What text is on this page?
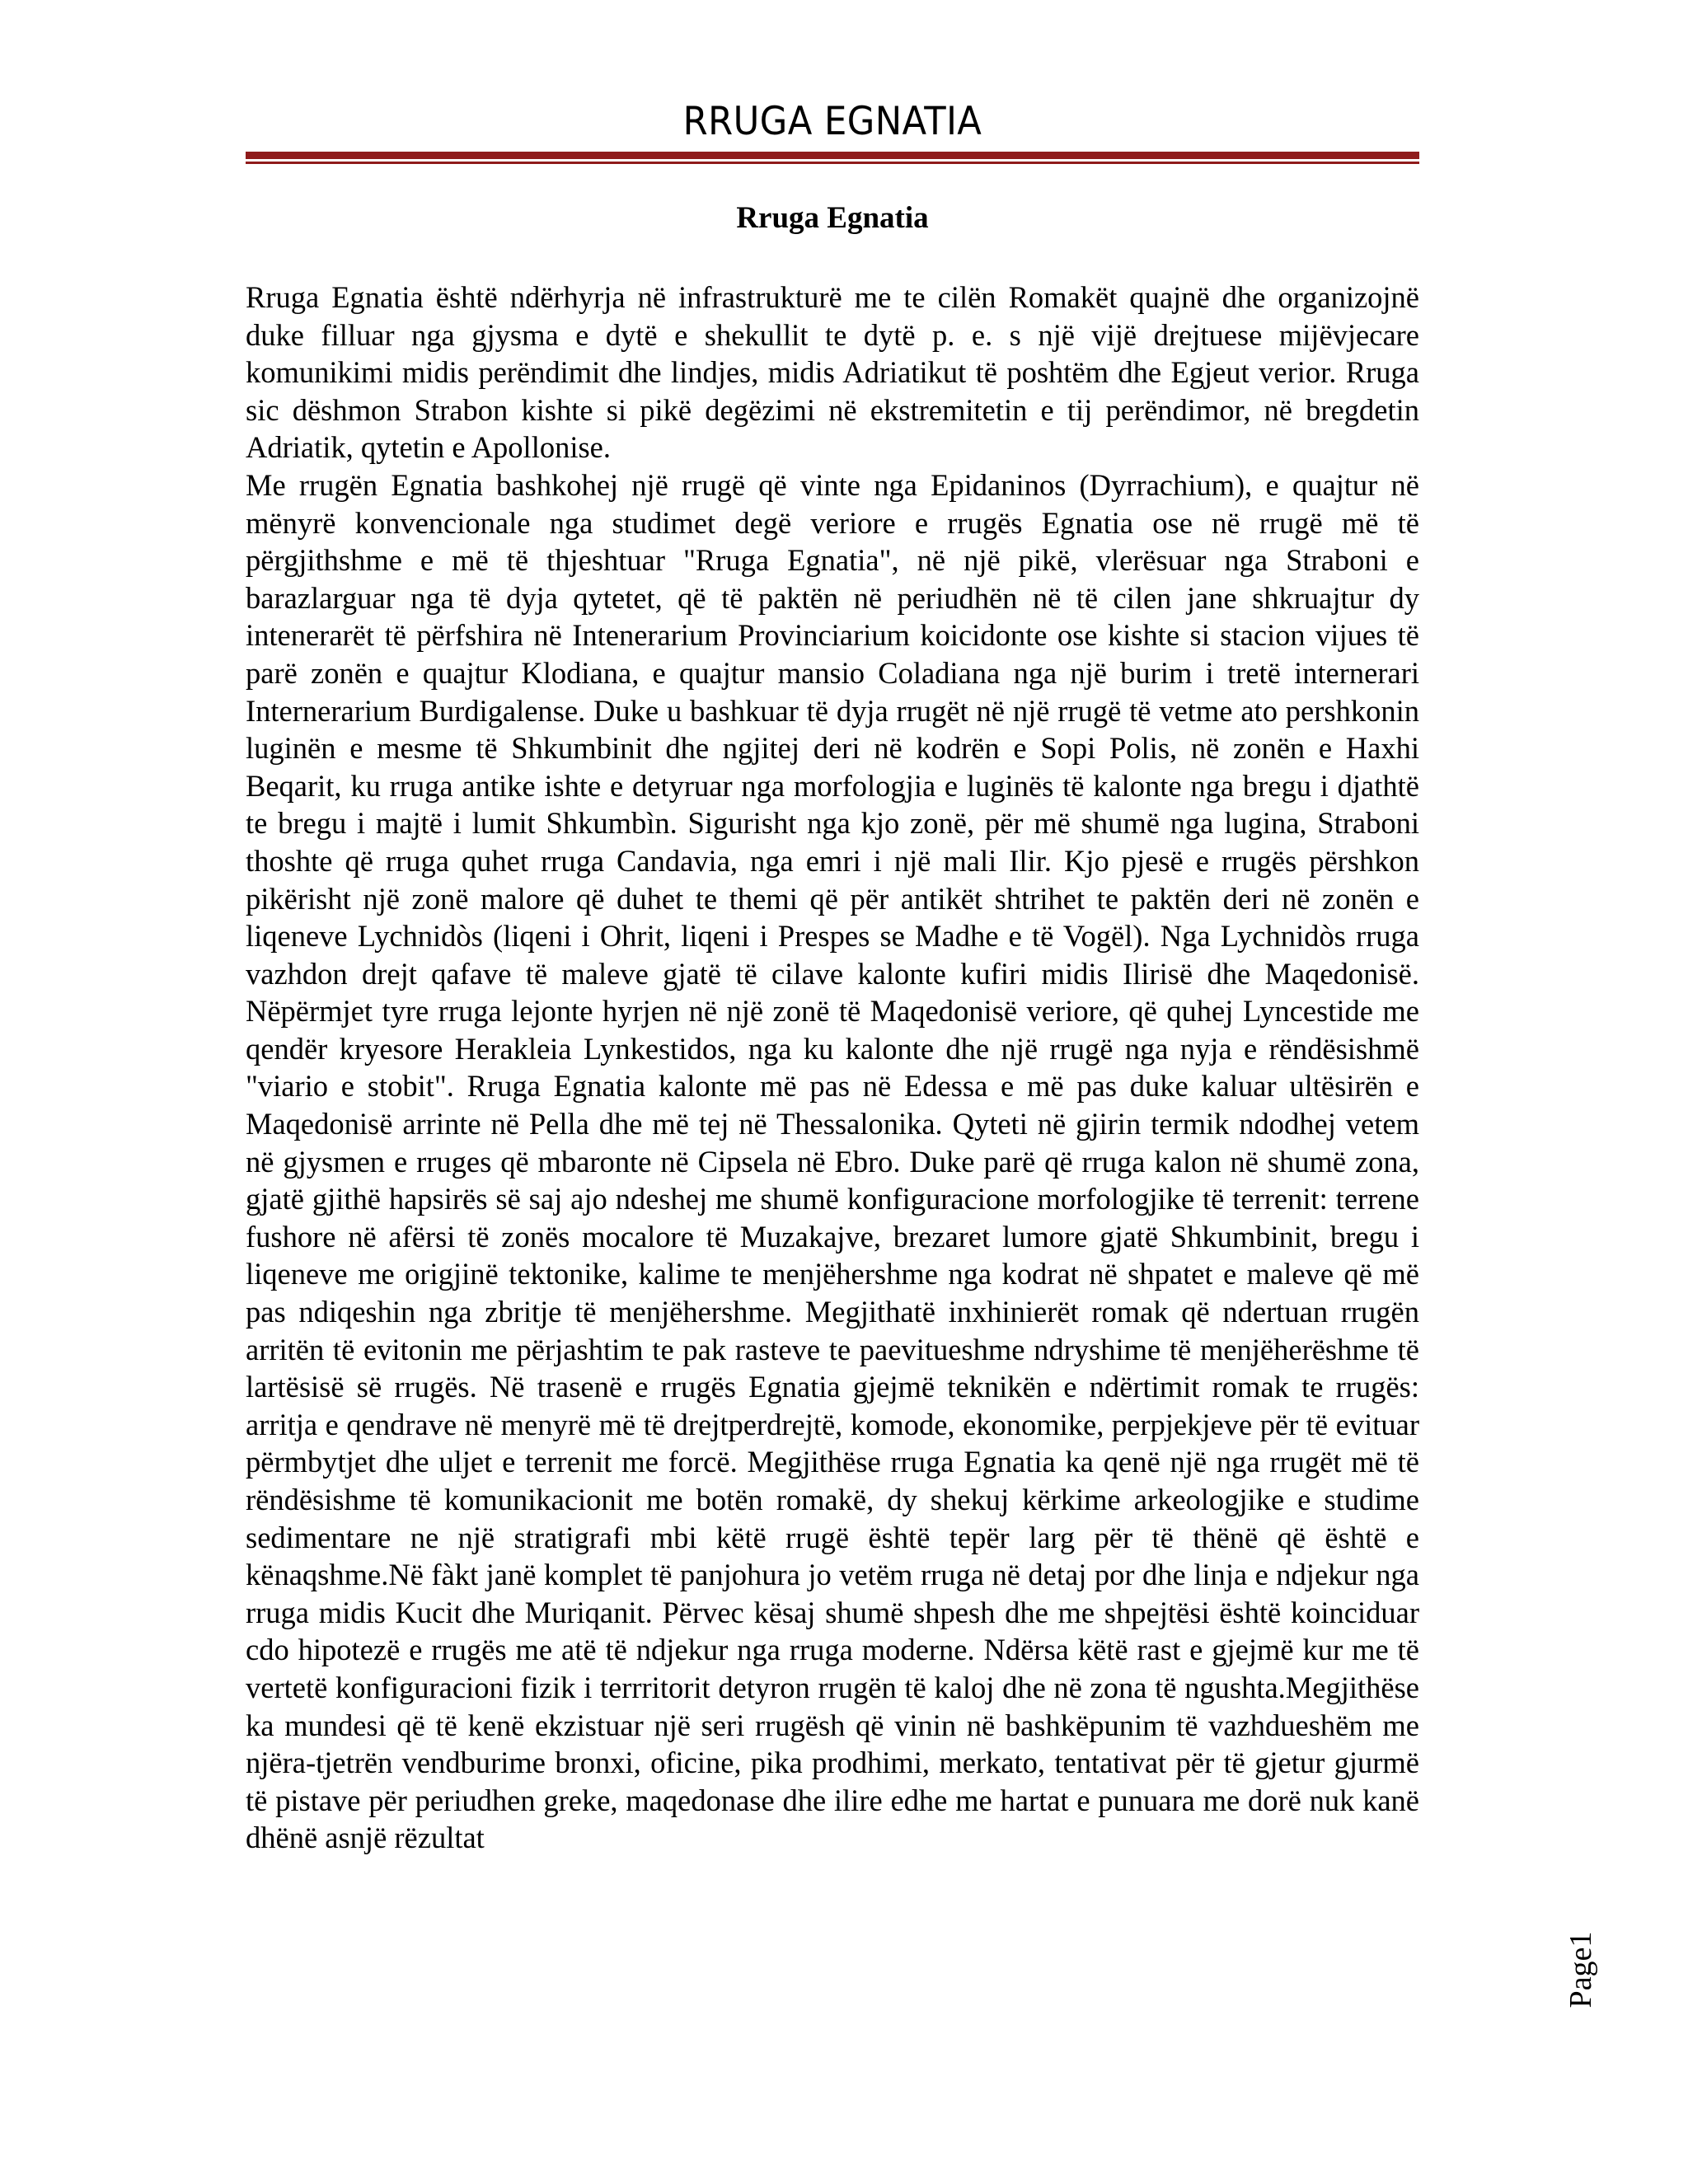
RRUGA EGNATIA
Rruga Egnatia

Rruga Egnatia është ndërhyrja në infrastrukturë me te cilën Romakët quajnë dhe organizojnë duke filluar nga gjysma e dytë e shekullit te dytë p. e. s një vijë drejtuese mijëvjecare komunikimi midis perëndimit dhe lindjes, midis Adriatikut të poshtëm dhe Egjeut verior. Rruga sic dëshmon Strabon kishte si pikë degëzimi në ekstremitetin e tij perëndimor, në bregdetin Adriatik, qytetin e Apollonise.

Me rrugën Egnatia bashkohej një rrugë që vinte nga Epidaninos (Dyrrachium), e quajtur në mënyrë konvencionale nga studimet degë veriore e rrugës Egnatia ose në rrugë më të përgjithshme e më të thjeshtuar "Rruga Egnatia", në një pikë, vlerësuar nga Straboni e barazlarguar nga të dyja qytetet, që të paktën në periudhën në të cilen jane shkruajtur dy intenerarët të përfshira në Intenerarium Provinciarium koicidonte ose kishte si stacion vijues të parë zonën e quajtur Klodiana, e quajtur mansio Coladiana nga një burim i tretë internerari Internerarium Burdigalense. Duke u bashkuar të dyja rrugët në një rrugë të vetme ato pershkonin luginën e mesme të Shkumbinit dhe ngjitej deri në kodrën e Sopi Polis, në zonën e Haxhi Beqarit, ku rruga antike ishte e detyruar nga morfologjia e luginës të kalonte nga bregu i djathtë te bregu i majtë i lumit Shkumbìn. Sigurisht nga kjo zonë, për më shumë nga lugina, Straboni thoshte që rruga quhet rruga Candavia, nga emri i një mali Ilir. Kjo pjesë e rrugës përshkon pikërisht një zonë malore që duhet te themi që për antikët shtrihet te paktën deri në zonën e liqeneve Lychnidòs (liqeni i Ohrit, liqeni i Prespes se Madhe e të Vogël). Nga Lychnidòs rruga vazhdon drejt qafave të maleve gjatë të cilave kalonte kufiri midis Ilirisë dhe Maqedonisë. Nëpërmjet tyre rruga lejonte hyrjen në një zonë të Maqedonisë veriore, që quhej Lyncestide me qendër kryesore Herakleia Lynkestidos, nga ku kalonte dhe një rrugë nga nyja e rëndësishmë "viario e stobit". Rruga Egnatia kalonte më pas në Edessa e më pas duke kaluar ultësirën e Maqedonisë arrinte në Pella dhe më tej në Thessalonika. Qyteti në gjirin termik ndodhej vetem në gjysmen e rruges që mbaronte në Cipsela në Ebro. Duke parë që rruga kalon në shumë zona, gjatë gjithë hapsirës së saj ajo ndeshej me shumë konfiguracione morfologjike të terrenit: terrene fushore në afërsi të zonës mocalore të Muzakajve, brezaret lumore gjatë Shkumbinit, bregu i liqeneve me origjinë tektonike, kalime te menjëhershme nga kodrat në shpatet e maleve që më pas ndiqeshin nga zbritje të menjëhershme. Megjithatë inxhinierët romak që ndertuan rrugën arritën të evitonin me përjashtim te pak rasteve te paevitueshme ndryshime të menjëherëshme të lartësisë së rrugës. Në trasenë e rrugës Egnatia gjejmë teknikën e ndërtimit romak te rrugës: arritja e qendrave në menyrë më të drejtperdrejtë, komode, ekonomike, perpjekjeve për të evituar përmbytjet dhe uljet e terrenit me forcë. Megjithëse rruga Egnatia ka qenë një nga rrugët më të rëndësishme të komunikacionit me botën romakë, dy shekuj kërkime arkeologjike e studime sedimentare ne një stratigrafi mbi këtë rrugë është tepër larg për të thënë që është e kënaqshme.Në fàkt janë komplet të panjohura jo vetëm rruga në detaj por dhe linja e ndjekur nga rruga midis Kucit dhe Muriqanit. Përvec kësaj shumë shpesh dhe me shpejtësi është koinciduar cdo hipotezë e rrugës me atë të ndjekur nga rruga moderne. Ndërsa këtë rast e gjejmë kur me të vertetë konfiguracioni fizik i terrritorit detyron rrugën të kaloj dhe në zona të ngushta.Megjithëse ka mundesi që të kenë ekzistuar një seri rrugësh që vinin në bashkëpunim të vazhdueshëm me njëra-tjetrën vendburime bronxi, oficine, pika prodhimi, merkato, tentativat për të gjetur gjurmë të pistave për periudhen greke, maqedonase dhe ilire edhe me hartat e punuara me dorë nuk kanë dhënë asnjë rëzultat

Page1
